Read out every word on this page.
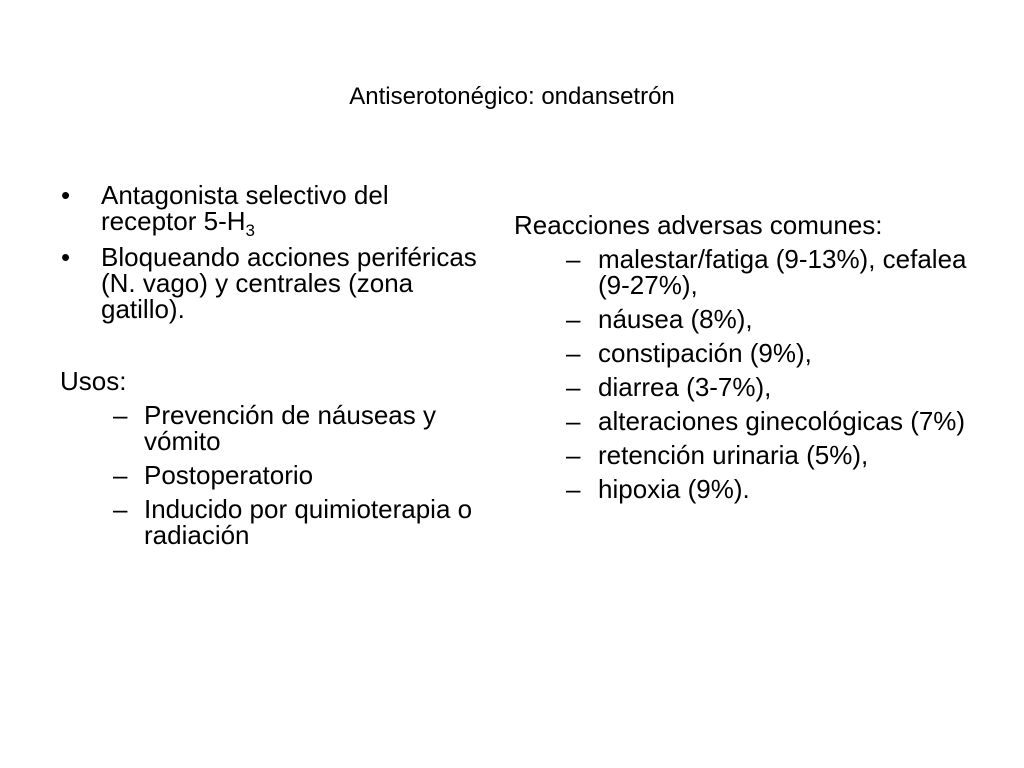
Antiserotonégico: ondansetrón
• Antagonista selectivo del receptor $5-H_3$
• Bloqueando acciones periféricas (N. vago) y centrales (zona gatillo).
Usos:
– Prevención de náuseas y vómito
– Postoperatorio
– Inducido por quimioterapia o radiación
Reacciones adversas comunes:
– malestar/fatiga (9-13%), cefalea (9-27%),
– náusea (8%),
– constipación (9%),
– diarrea (3-7%),
– alteraciones ginecológicas (7%)
– retención urinaria (5%),
– hipoxia (9%).
